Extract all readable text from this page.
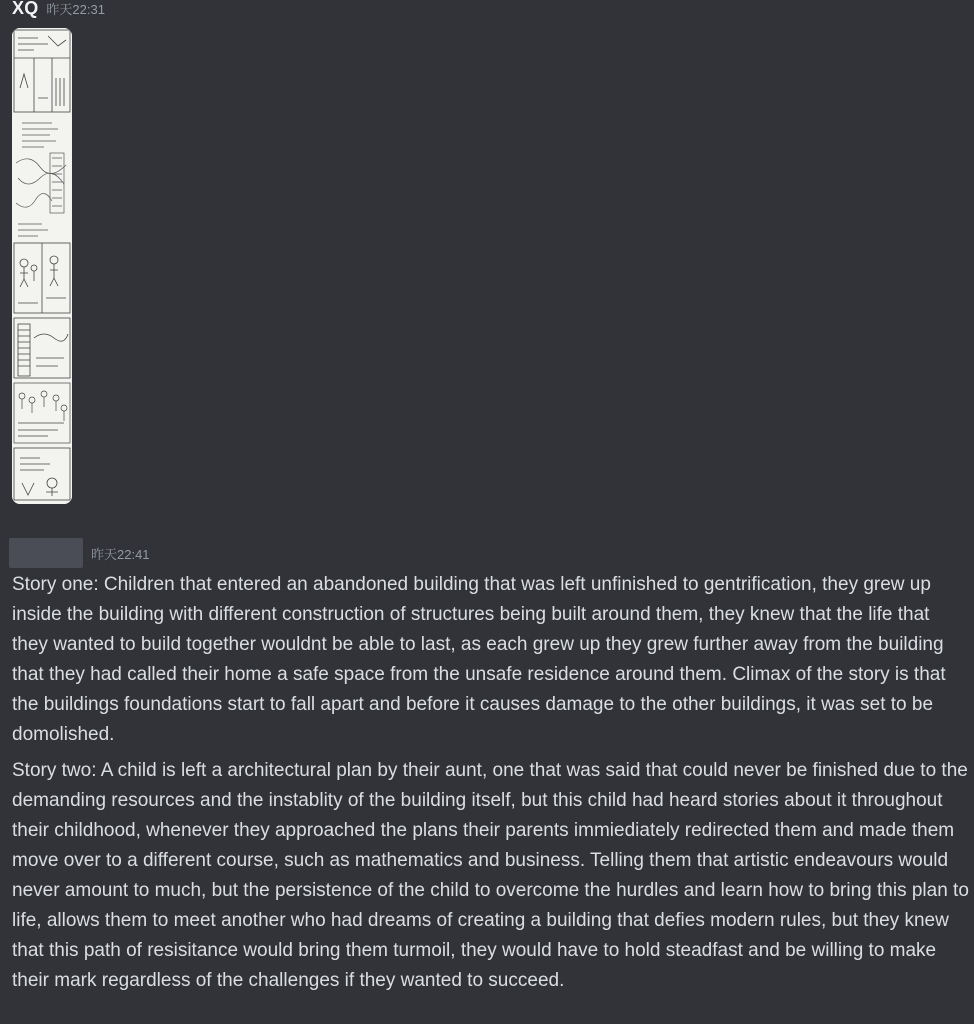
XQ 昨天22:31
昨天22:41

Story one: Children that entered an abandoned building that was left unfinished to gentrification, they grew up inside the building with different construction of structures being built around them, they knew that the life that they wanted to build together wouldnt be able to last, as each grew up they grew further away from the building that they had called their home a safe space from the unsafe residence around them. Climax of the story is that the buildings foundations start to fall apart and before it causes damage to the other buildings, it was set to be domolished.

Story two: A child is left a architectural plan by their aunt, one that was said that could never be finished due to the demanding resources and the instablity of the building itself, but this child had heard stories about it throughout their childhood, whenever they approached the plans their parents immiediately redirected them and made them move over to a different course, such as mathematics and business. Telling them that artistic endeavours would never amount to much, but the persistence of the child to overcome the hurdles and learn how to bring this plan to life, allows them to meet another who had dreams of creating a building that defies modern rules, but they knew that this path of resisitance would bring them turmoil, they would have to hold steadfast and be willing to make their mark regardless of the challenges if they wanted to succeed.
